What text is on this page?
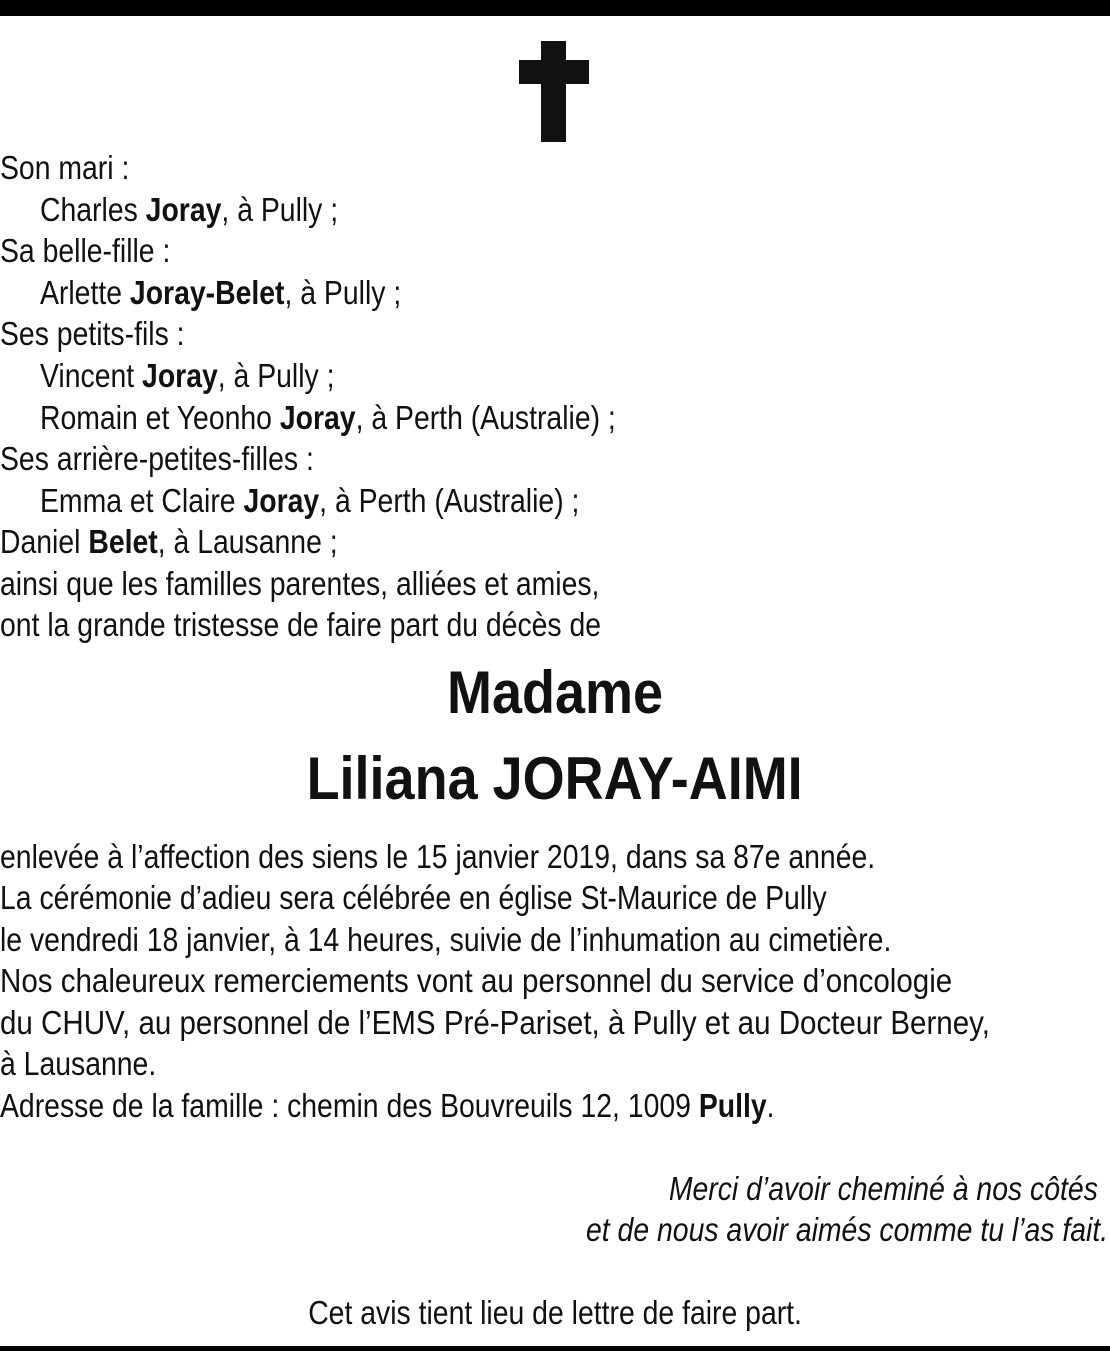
Son mari :
Charles Joray, à Pully ;
Sa belle-fille :
Arlette Joray-Belet, à Pully ;
Ses petits-fils :
Vincent Joray, à Pully ;
Romain et Yeonho Joray, à Perth (Australie) ;
Ses arrière-petites-filles :
Emma et Claire Joray, à Perth (Australie) ;
Daniel Belet, à Lausanne ;
ainsi que les familles parentes, alliées et amies,
ont la grande tristesse de faire part du décès de
Madame
Liliana JORAY-AIMI
enlevée à l’affection des siens le 15 janvier 2019, dans sa 87e année.
La cérémonie d’adieu sera célébrée en église St-Maurice de Pully
le vendredi 18 janvier, à 14 heures, suivie de l’inhumation au cimetière.
Nos chaleureux remerciements vont au personnel du service d’oncologie
du CHUV, au personnel de l’EMS Pré-Pariset, à Pully et au Docteur Berney,
à Lausanne.
Adresse de la famille : chemin des Bouvreuils 12, 1009 Pully.
Merci d’avoir cheminé à nos côtés
et de nous avoir aimés comme tu l’as fait.
Cet avis tient lieu de lettre de faire part.
